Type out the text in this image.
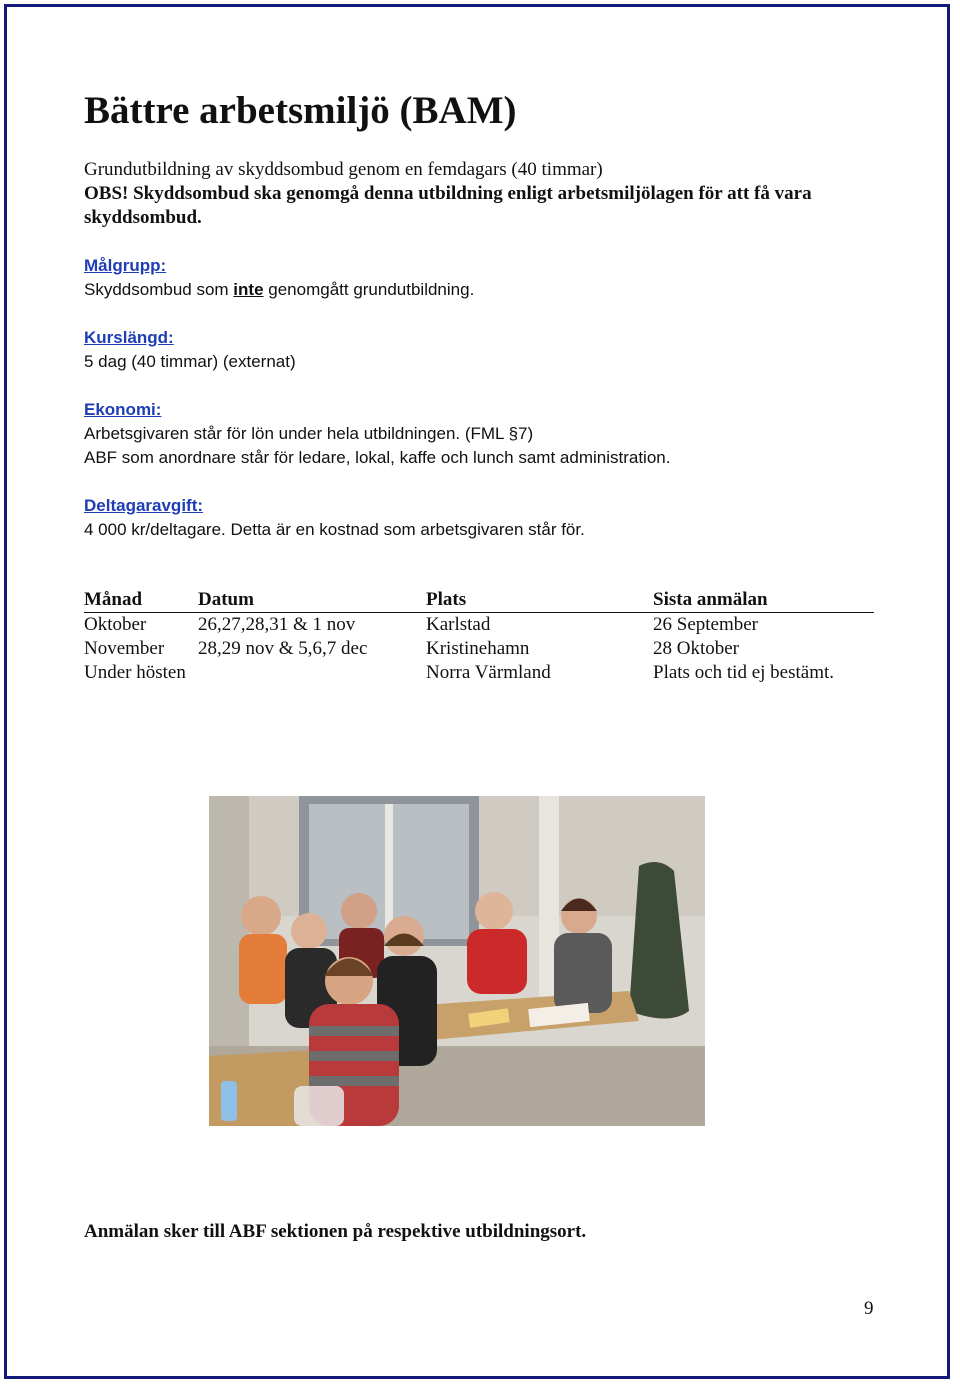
Bättre arbetsmiljö (BAM)
Grundutbildning av skyddsombud genom en femdagars (40 timmar)
OBS! Skyddsombud ska genomgå denna utbildning enligt arbetsmiljölagen för att få vara skyddsombud.
Målgrupp:
Skyddsombud som inte genomgått grundutbildning.
Kurslängd:
5 dag (40 timmar) (externat)
Ekonomi:
Arbetsgivaren står för lön under hela utbildningen. (FML §7)
ABF som anordnare står för ledare, lokal, kaffe och lunch samt administration.
Deltagaravgift:
4 000 kr/deltagare. Detta är en kostnad som arbetsgivaren står för.
Månad	Datum	Plats	Sista anmälan
Oktober	26,27,28,31 & 1 nov	Karlstad	26 September
November	28,29 nov & 5,6,7 dec	Kristinehamn	28 Oktober
Under hösten		Norra Värmland	Plats och tid ej bestämt.
Anmälan sker till ABF sektionen på respektive utbildningsort.
9
